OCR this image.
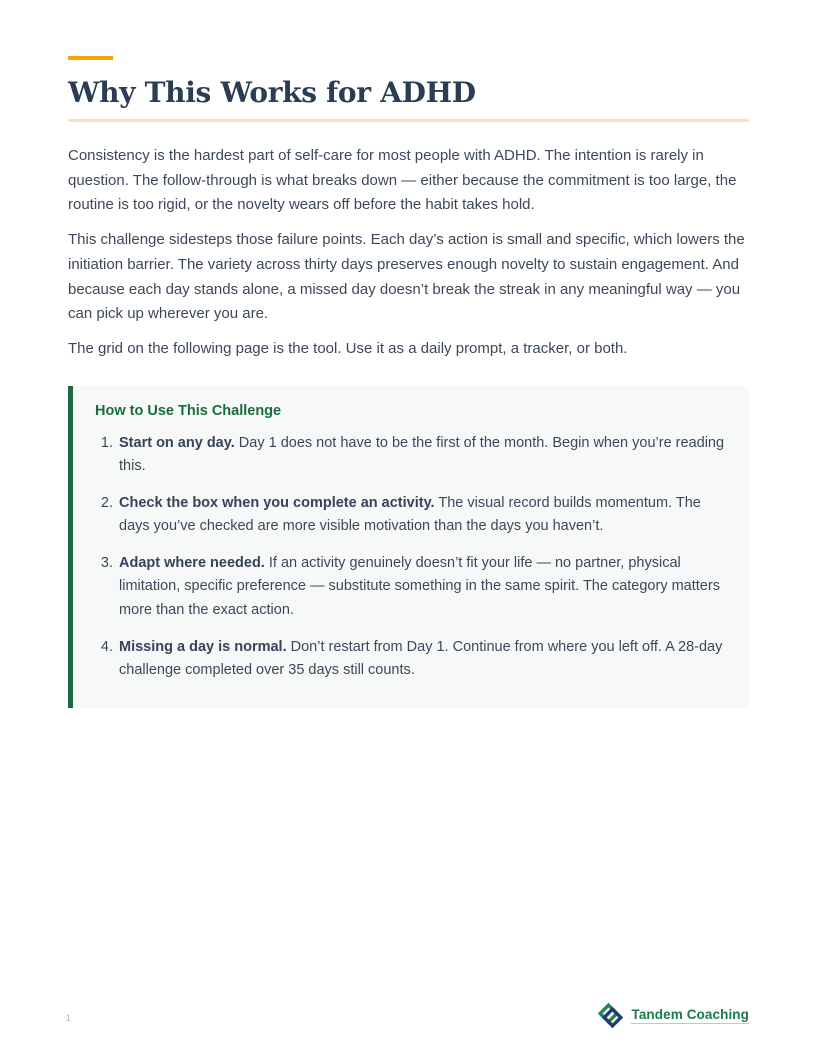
Why This Works for ADHD

Consistency is the hardest part of self-care for most people with ADHD. The intention is rarely in question. The follow-through is what breaks down — either because the commitment is too large, the routine is too rigid, or the novelty wears off before the habit takes hold.

This challenge sidesteps those failure points. Each day’s action is small and specific, which lowers the initiation barrier. The variety across thirty days preserves enough novelty to sustain engagement. And because each day stands alone, a missed day doesn’t break the streak in any meaningful way — you can pick up wherever you are.

The grid on the following page is the tool. Use it as a daily prompt, a tracker, or both.

How to Use This Challenge
1. Start on any day. Day 1 does not have to be the first of the month. Begin when you’re reading this.
2. Check the box when you complete an activity. The visual record builds momentum. The days you’ve checked are more visible motivation than the days you haven’t.
3. Adapt where needed. If an activity genuinely doesn’t fit your life — no partner, physical limitation, specific preference — substitute something in the same spirit. The category matters more than the exact action.
4. Missing a day is normal. Don’t restart from Day 1. Continue from where you left off. A 28-day challenge completed over 35 days still counts.
1	Tandem Coaching
